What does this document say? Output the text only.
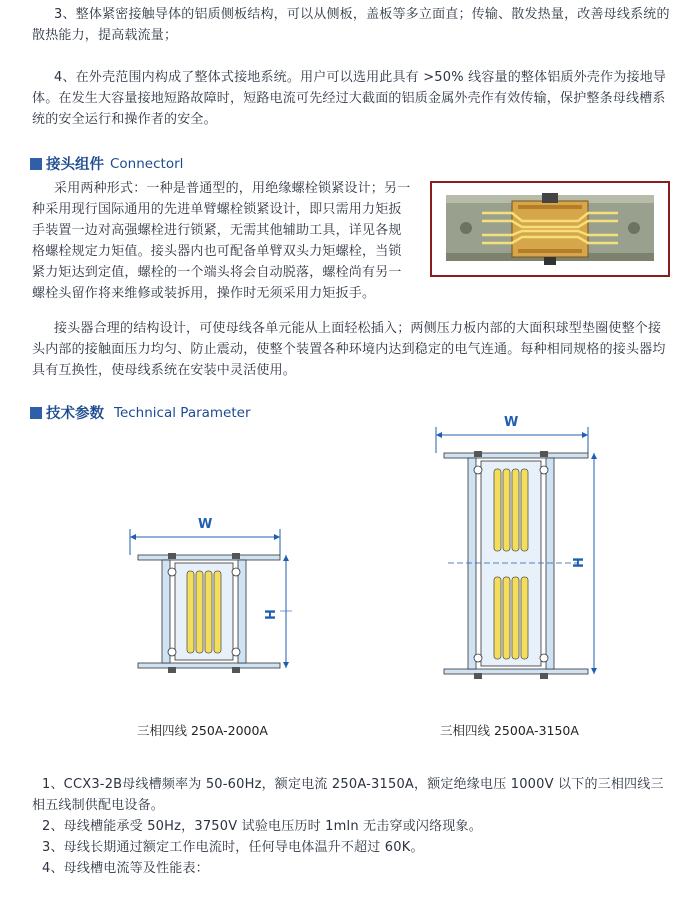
3、整体紧密接触导体的铝质侧板结构，可以从侧板，盖板等多立面直；传输、散发热量，改善母线系统的散热能力，提高载流量；

4、在外壳范围内构成了整体式接地系统。用户可以选用此具有 >50% 线容量的整体铝质外壳作为接地导体。在发生大容量接地短路故障时，短路电流可先经过大截面的铝质金属外壳作有效传输，保护整条母线槽系统的安全运行和操作者的安全。

接头组件 Connectorl
采用两种形式：一种是普通型的，用绝缘螺栓锁紧设计；另一
种采用现行国际通用的先进单臂螺栓锁紧设计，即只需用力矩扳
手装置一边对高强螺栓进行锁紧，无需其他辅助工具，详见各规
格螺栓规定力矩值。接头器内也可配备单臂双头力矩螺栓，当锁
紧力矩达到定值，螺栓的一个端头将会自动脱落，螺栓尚有另一
螺栓头留作将来维修或装拆用，操作时无须采用力矩扳手。

接头器合理的结构设计，可使母线各单元能从上面轻松插入；两侧压力板内部的大面积球型垫圈使整个接头内部的接触面压力均匀、防止震动，使整个装置各种环境内达到稳定的电气连通。每种相同规格的接头器均具有互换性，使母线系统在安装中灵活使用。

技术参数 Technical Parameter
W
H
三相四线 250A-2000A
W
H
三相四线 2500A-3150A

1、CCX3-2B母线槽频率为 50-60Hz，额定电流 250A-3150A，额定绝缘电压 1000V 以下的三相四线三相五线制供配电设备。

2、母线槽能承受 50Hz，3750V 试验电压历时 1mln 无击穿或闪络现象。

3、母线长期通过额定工作电流时，任何导电体温升不超过 60K。

4、母线槽电流等及性能表：
